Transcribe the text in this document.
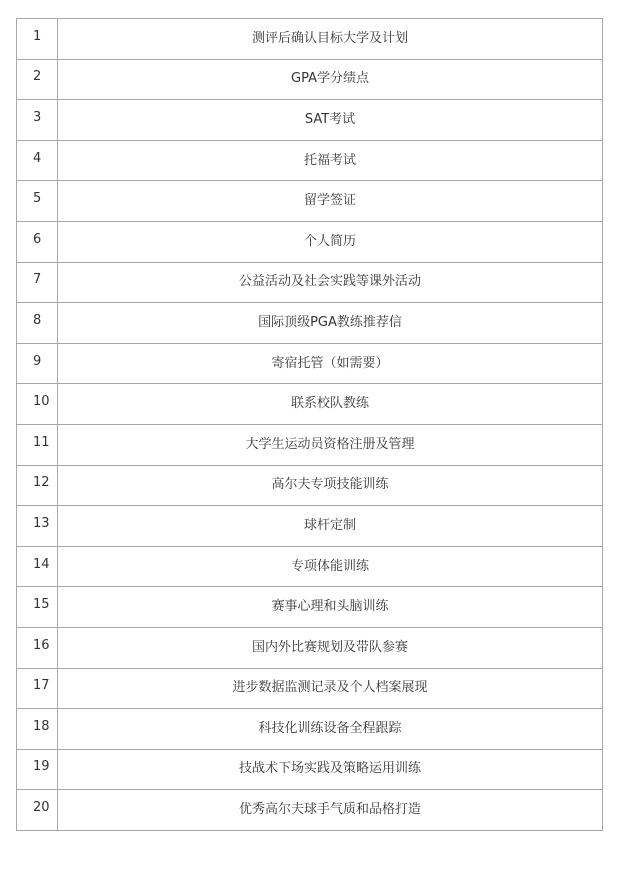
1	测评后确认目标大学及计划
2	GPA学分绩点
3	SAT考试
4	托福考试
5	留学签证
6	个人简历
7	公益活动及社会实践等课外活动
8	国际顶级PGA教练推荐信
9	寄宿托管（如需要）
10	联系校队教练
11	大学生运动员资格注册及管理
12	高尔夫专项技能训练
13	球杆定制
14	专项体能训练
15	赛事心理和头脑训练
16	国内外比赛规划及带队参赛
17	进步数据监测记录及个人档案展现
18	科技化训练设备全程跟踪
19	技战术下场实践及策略运用训练
20	优秀高尔夫球手气质和品格打造
